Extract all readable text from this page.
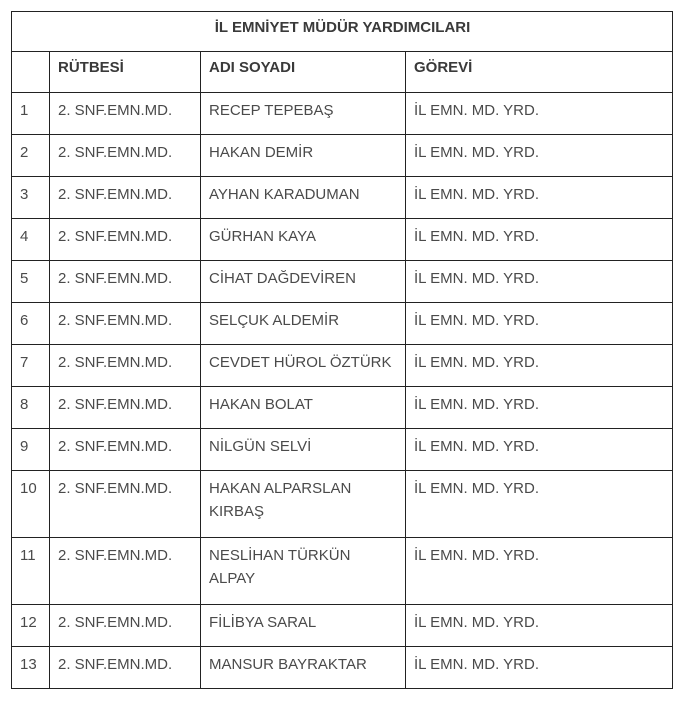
İL EMNİYET MÜDÜR YARDIMCILARI			
	RÜTBESİ	ADI SOYADI	GÖREVİ
1	2. SNF.EMN.MD.	RECEP TEPEBAŞ	İL EMN. MD. YRD.
2	2. SNF.EMN.MD.	HAKAN DEMİR	İL EMN. MD. YRD.
3	2. SNF.EMN.MD.	AYHAN KARADUMAN	İL EMN. MD. YRD.
4	2. SNF.EMN.MD.	GÜRHAN KAYA	İL EMN. MD. YRD.
5	2. SNF.EMN.MD.	CİHAT DAĞDEVİREN	İL EMN. MD. YRD.
6	2. SNF.EMN.MD.	SELÇUK ALDEMİR	İL EMN. MD. YRD.
7	2. SNF.EMN.MD.	CEVDET HÜROL ÖZTÜRK	İL EMN. MD. YRD.
8	2. SNF.EMN.MD.	HAKAN BOLAT	İL EMN. MD. YRD.
9	2. SNF.EMN.MD.	NİLGÜN SELVİ	İL EMN. MD. YRD.
10	2. SNF.EMN.MD.	HAKAN ALPARSLAN KIRBAŞ	İL EMN. MD. YRD.
11	2. SNF.EMN.MD.	NESLİHAN TÜRKÜN ALPAY	İL EMN. MD. YRD.
12	2. SNF.EMN.MD.	FİLİBYA SARAL	İL EMN. MD. YRD.
13	2. SNF.EMN.MD.	MANSUR BAYRAKTAR	İL EMN. MD. YRD.
